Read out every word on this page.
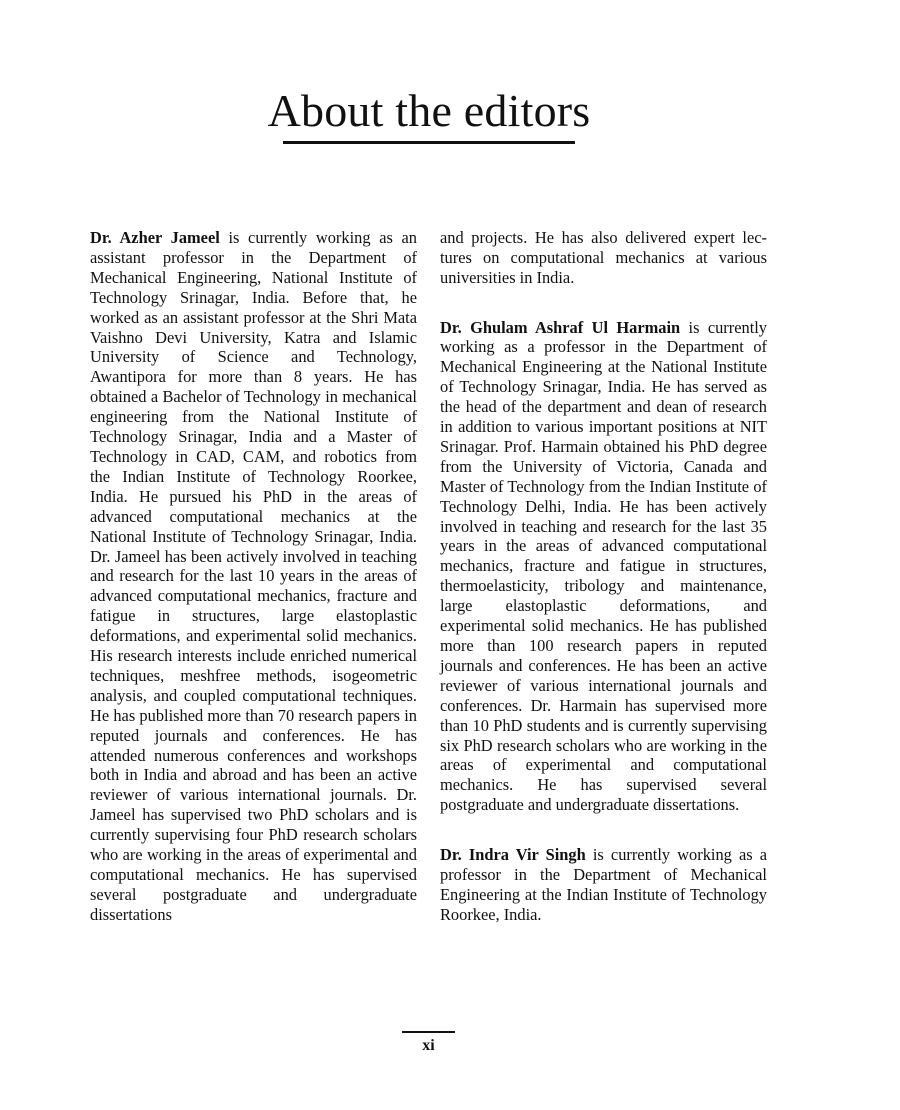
About the editors

Dr. Azher Jameel is currently working as an assistant professor in the Department of Mechanical Engineering, National Institute of Technology Srinagar, India. Before that, he worked as an assistant professor at the Shri Mata Vaishno Devi University, Katra and Islamic University of Science and Technology, Awantipora for more than 8 years. He has obtained a Bachelor of Technology in mechanical engineering from the National Institute of Technology Srinagar, India and a Master of Technology in CAD, CAM, and robotics from the Indian Institute of Technology Roorkee, India. He pursued his PhD in the areas of advanced computational mechanics at the National Institute of Technology Srinagar, India. Dr. Jameel has been actively involved in teaching and research for the last 10 years in the areas of advanced computational mechanics, fracture and fatigue in structures, large elastoplastic deformations, and experimental solid mechanics. His research interests include enriched numerical techniques, meshfree methods, isogeometric analysis, and coupled computational techniques. He has published more than 70 research papers in reputed journals and conferences. He has attended numerous conferences and workshops both in India and abroad and has been an active reviewer of various international journals. Dr. Jameel has supervised two PhD scholars and is currently supervising four PhD research scholars who are working in the areas of experimental and computational mechanics. He has supervised several postgraduate and undergraduate dissertations

and projects. He has also delivered expert lectures on computational mechanics at various universities in India.

Dr. Ghulam Ashraf Ul Harmain is currently working as a professor in the Department of Mechanical Engineering at the National Institute of Technology Srinagar, India. He has served as the head of the department and dean of research in addition to various important positions at NIT Srinagar. Prof. Harmain obtained his PhD degree from the University of Victoria, Canada and Master of Technology from the Indian Institute of Technology Delhi, India. He has been actively involved in teaching and research for the last 35 years in the areas of advanced computational mechanics, fracture and fatigue in structures, thermoelasticity, tribology and maintenance, large elastoplastic deformations, and experimental solid mechanics. He has published more than 100 research papers in reputed journals and conferences. He has been an active reviewer of various international journals and conferences. Dr. Harmain has supervised more than 10 PhD students and is currently supervising six PhD research scholars who are working in the areas of experimental and computational mechanics. He has supervised several postgraduate and undergraduate dissertations.

Dr. Indra Vir Singh is currently working as a professor in the Department of Mechanical Engineering at the Indian Institute of Technology Roorkee, India.

xi
